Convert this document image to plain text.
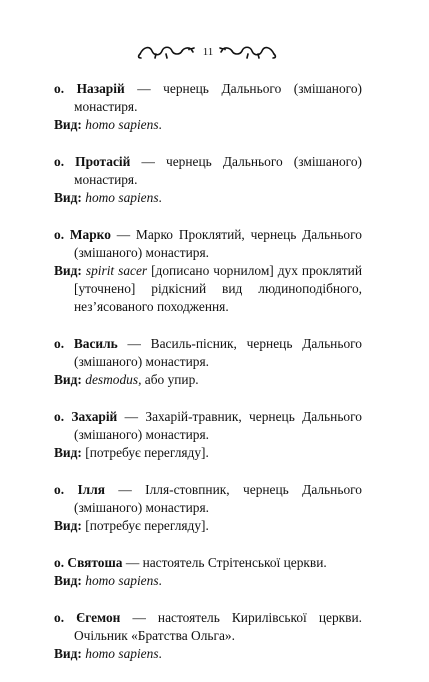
11

о. Назарій — чернець Дальнього (змішаного) монастиря.

Вид: homo sapiens.

о. Протасій — чернець Дальнього (змішаного) монастиря.

Вид: homo sapiens.

о. Марко — Марко Проклятий, чернець Дальнього (змішаного) монастиря.

Вид: spirit sacer [дописано чорнилом] дух проклятий [уточнено] рідкісний вид людиноподібного, нез’ясованого походження.

о. Василь — Василь-пісник, чернець Дальнього (змішаного) монастиря.

Вид: desmodus, або упир.

о. Захарій — Захарій-травник, чернець Дальнього (змішаного) монастиря.

Вид: [потребує перегляду].

о. Ілля — Ілля-стовпник, чернець Дальнього (змішаного) монастиря.

Вид: [потребує перегляду].

о. Святоша — настоятель Стрітенської церкви.

Вид: homo sapiens.

о. Єгемон — настоятель Кирилівської церкви. Очільник «Братства Ольга».

Вид: homo sapiens.
